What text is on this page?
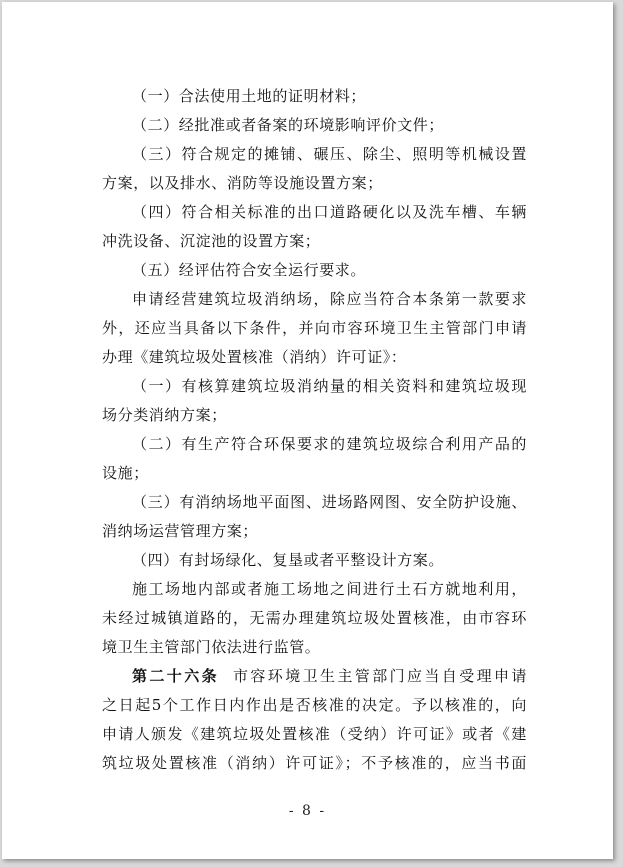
（一）合法使用土地的证明材料；
（二）经批准或者备案的环境影响评价文件；
（三）符合规定的摊铺、碾压、除尘、照明等机械设置
方案，以及排水、消防等设施设置方案；
（四）符合相关标准的出口道路硬化以及洗车槽、车辆
冲洗设备、沉淀池的设置方案；
（五）经评估符合安全运行要求。
申请经营建筑垃圾消纳场，除应当符合本条第一款要求
外，还应当具备以下条件，并向市容环境卫生主管部门申请
办理《建筑垃圾处置核准（消纳）许可证》：
（一）有核算建筑垃圾消纳量的相关资料和建筑垃圾现
场分类消纳方案；
（二）有生产符合环保要求的建筑垃圾综合利用产品的
设施；
（三）有消纳场地平面图、进场路网图、安全防护设施、
消纳场运营管理方案；
（四）有封场绿化、复垦或者平整设计方案。
施工场地内部或者施工场地之间进行土石方就地利用，
未经过城镇道路的，无需办理建筑垃圾处置核准，由市容环
境卫生主管部门依法进行监管。
第二十六条 市容环境卫生主管部门应当自受理申请
之日起5个工作日内作出是否核准的决定。予以核准的，向
申请人颁发《建筑垃圾处置核准（受纳）许可证》或者《建
筑垃圾处置核准（消纳）许可证》；不予核准的，应当书面
- 8 -
